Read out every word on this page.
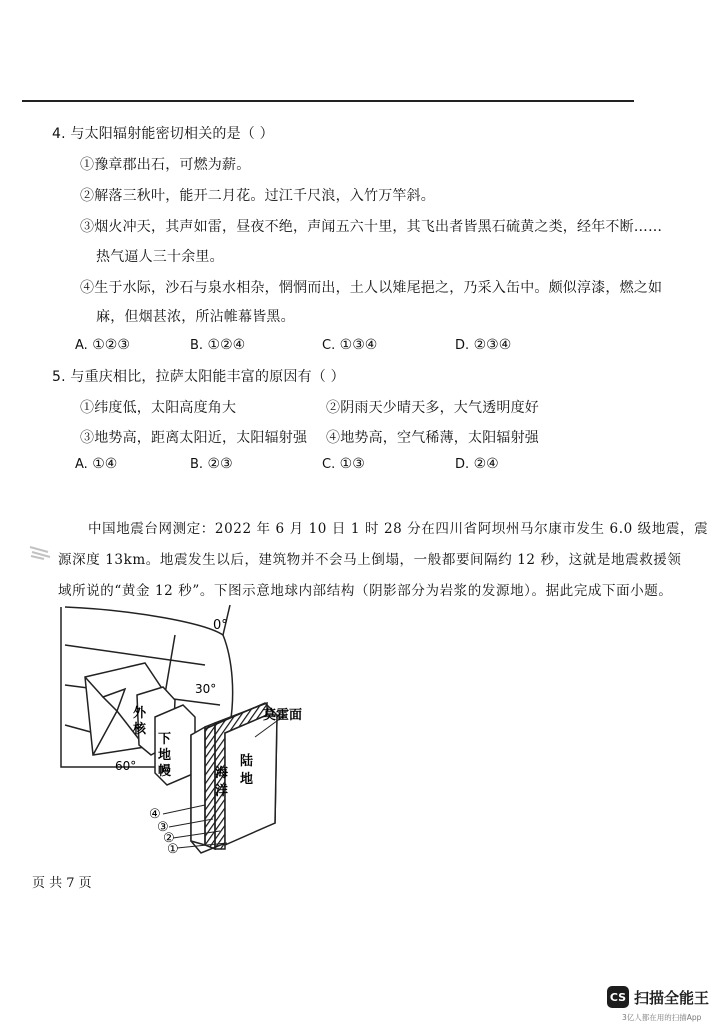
4. 与太阳辐射能密切相关的是（ ）
①豫章郡出石，可燃为薪。
②解落三秋叶，能开二月花。过江千尺浪，入竹万竿斜。
③烟火冲天，其声如雷，昼夜不绝，声闻五六十里，其飞出者皆黑石硫黄之类，经年不断……
热气逼人三十余里。
④生于水际，沙石与泉水相杂，惘惘而出，土人以雉尾挹之，乃采入缶中。颇似淳漆，燃之如
麻，但烟甚浓，所沾帷幕皆黑。
A. ①②③	B. ①②④	C. ①③④	D. ②③④
5. 与重庆相比，拉萨太阳能丰富的原因有（ ）
①纬度低，太阳高度角大	②阴雨天少晴天多，大气透明度好
③地势高，距离太阳近，太阳辐射强 ④地势高，空气稀薄，太阳辐射强
A. ①④	B. ②③	C. ①③	D. ②④
中国地震台网测定：2022 年 6 月 10 日 1 时 28 分在四川省阿坝州马尔康市发生 6.0 级地震，震
源深度 13km。地震发生以后，建筑物并不会马上倒塌，一般都要间隔约 12 秒，这就是地震救援领
域所说的“黄金 12 秒”。下图示意地球内部结构（阴影部分为岩浆的发源地）。据此完成下面小题。
0°
30°
60°
外
核
下
地
幔
莫霍面
海
洋
陆
地
④
③
②
①
页 共 7 页
CS 扫描全能王
3亿人都在用的扫描App
